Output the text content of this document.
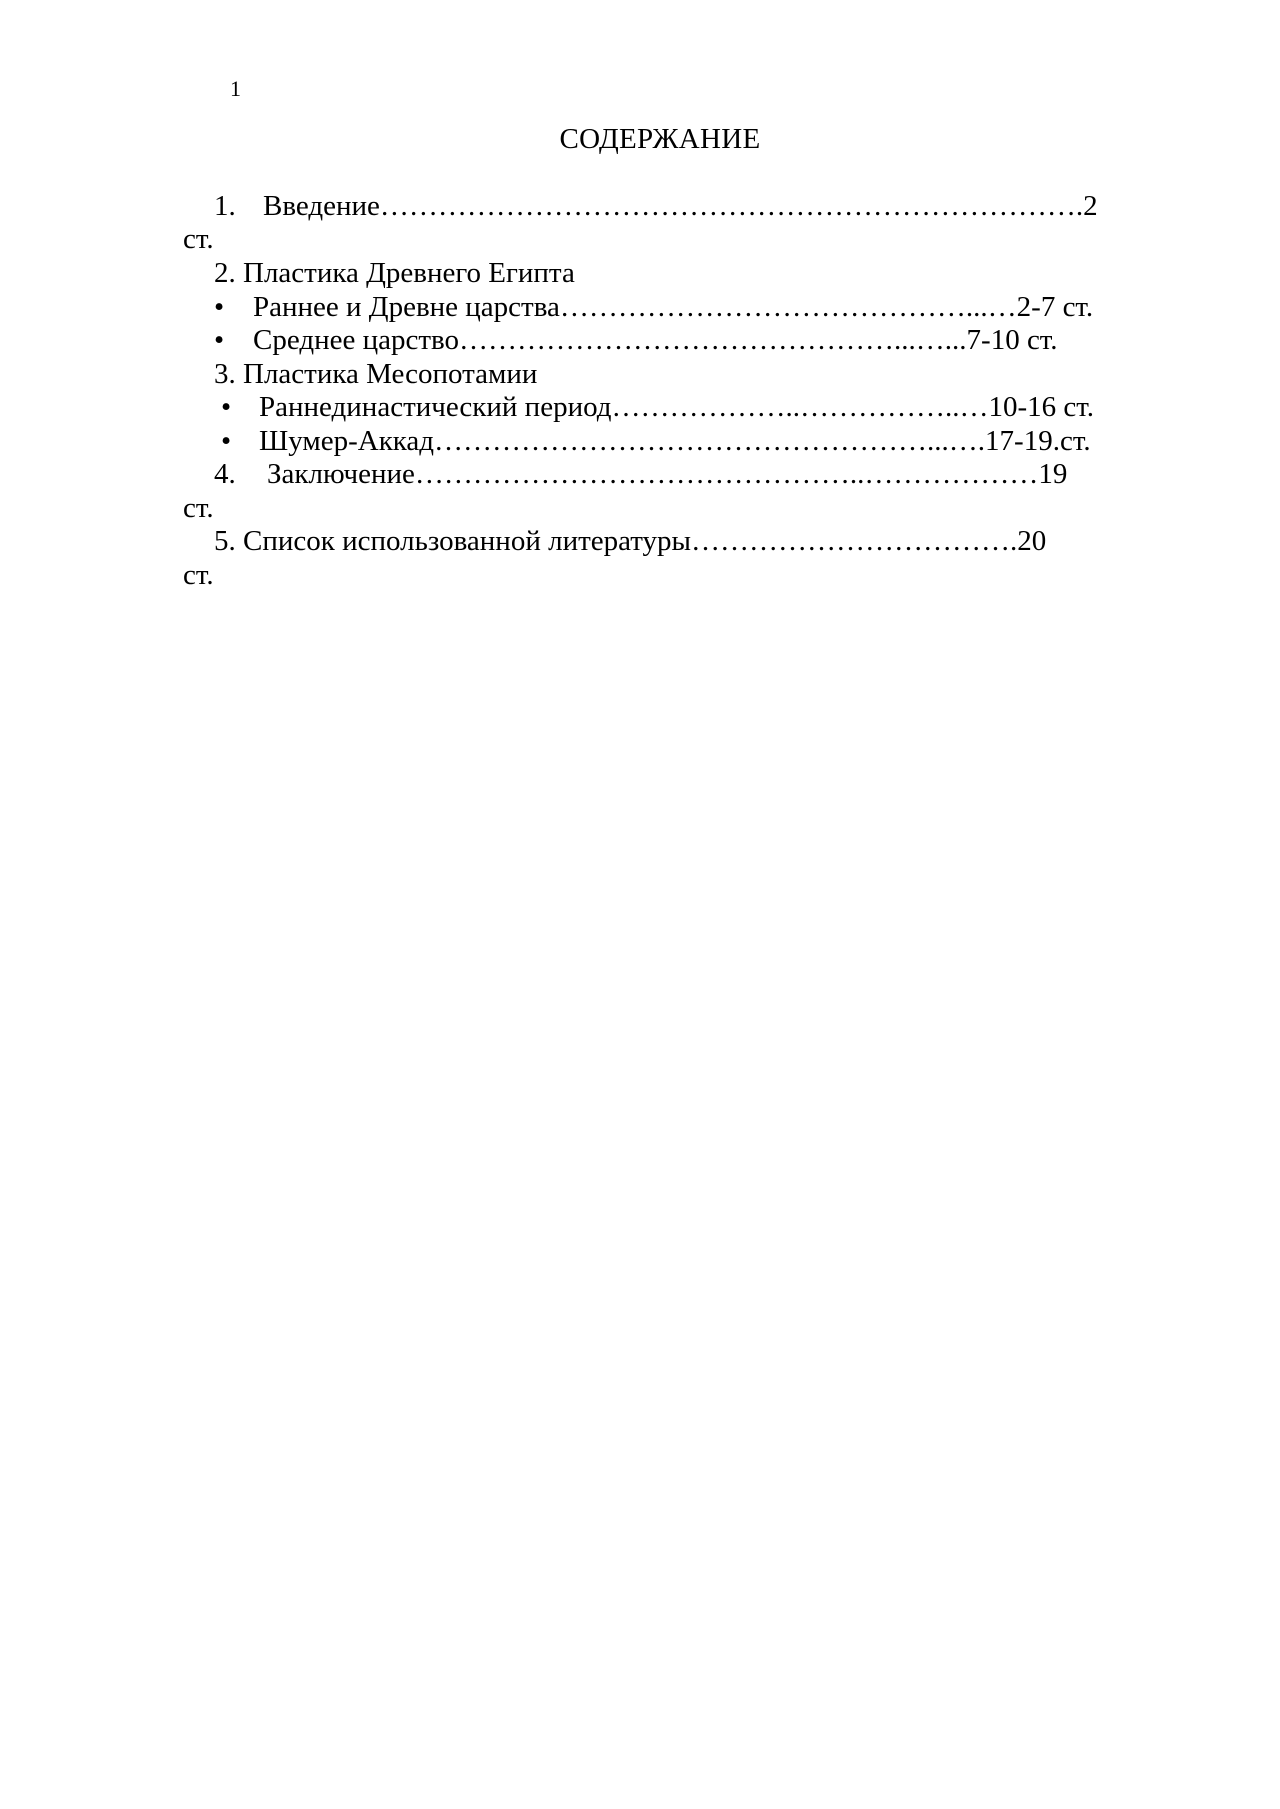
1
СОДЕРЖАНИЕ
1. Введение……………………………………………………………….2
ст.
2. Пластика Древнего Египта
• Раннее и Древне царства……………………………………...…2-7 ст.
• Среднее царство………………………………………...…...7-10 ст.
3. Пластика Месопотамии
• Раннединастический период………………..……………..…10-16 ст.
• Шумер-Аккад……………………………………………...….17-19.ст.
4. Заключение………………………………………..………………19
ст.
5. Список использованной литературы…………………………….20
ст.
